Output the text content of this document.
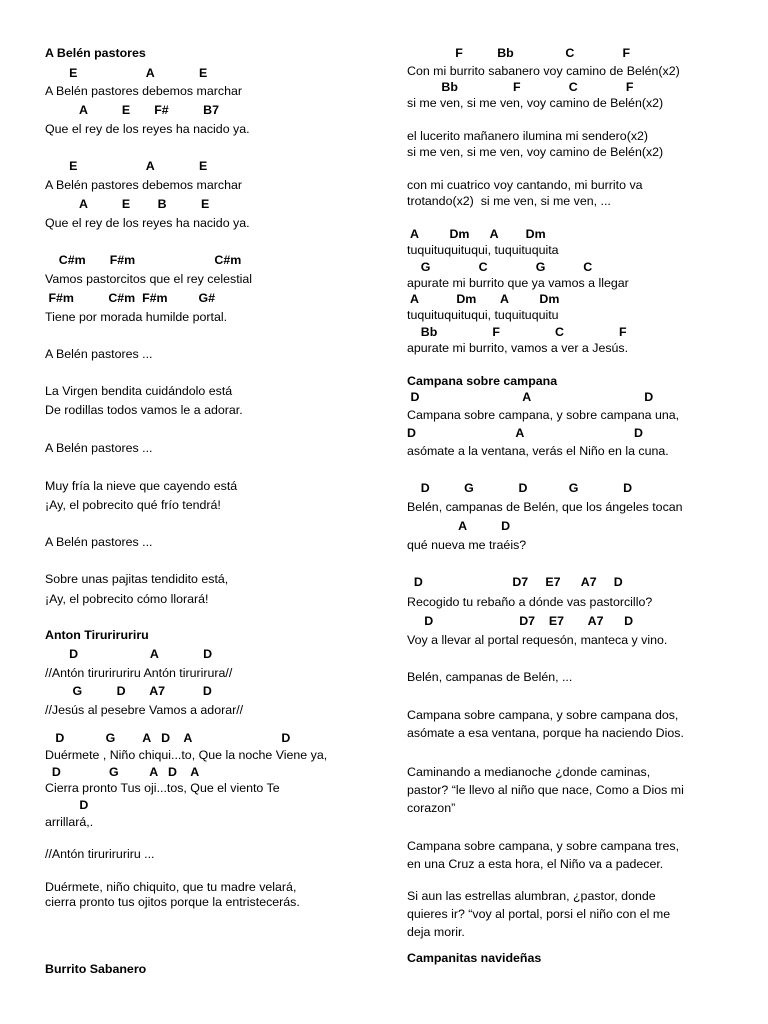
A Belén pastores
E                    A             E
A Belén pastores debemos marchar
A          E       F#          B7
Que el rey de los reyes ha nacido ya.
E                    A             E
A Belén pastores debemos marchar
A          E        B          E
Que el rey de los reyes ha nacido ya.
C#m       F#m                       C#m
Vamos pastorcitos que el rey celestial
F#m          C#m  F#m         G#
Tiene por morada humilde portal.
A Belén pastores ...
La Virgen bendita cuidándolo está
De rodillas todos vamos le a adorar.
A Belén pastores ...
Muy fría la nieve que cayendo está
¡Ay, el pobrecito qué frío tendrá!
A Belén pastores ...
Sobre unas pajitas tendidito está,
¡Ay, el pobrecito cómo llorará!
Anton Tiruriruriru
D                     A             D
//Antón tiruriruriru Antón tirurirura//
G          D       A7           D
//Jesús al pesebre Vamos a adorar//
D            G        A   D    A                          D
Duérmete , Niño chiqui...to, Que la noche Viene ya,
D              G         A   D    A
Cierra pronto Tus oji...tos, Que el viento Te
D
arrillará,.
//Antón tiruriruriru ...
Duérmete, niño chiquito, que tu madre velará,
cierra pronto tus ojitos porque la entristecerás.
Burrito Sabanero
F          Bb               C              F
Con mi burrito sabanero voy camino de Belén(x2)
Bb                F              C              F
si me ven, si me ven, voy camino de Belén(x2)
el lucerito mañanero ilumina mi sendero(x2)
si me ven, si me ven, voy camino de Belén(x2)
con mi cuatrico voy cantando, mi burrito va
trotando(x2)  si me ven, si me ven, ...
A         Dm      A        Dm
tuquituquituqui, tuquituquita
G              C              G           C
apurate mi burrito que ya vamos a llegar
A           Dm       A         Dm
tuquituquituqui, tuquituquitu
Bb                F                C                F
apurate mi burrito, vamos a ver a Jesús.
Campana sobre campana
D                              A                                 D
Campana sobre campana, y sobre campana una,
D                             A                                D
asómate a la ventana, verás el Niño en la cuna.
D          G             D            G             D
Belén, campanas de Belén, que los ángeles tocan
A          D
qué nueva me traéis?
D                          D7     E7      A7     D
Recogido tu rebaño a dónde vas pastorcillo?
D                         D7    E7       A7      D
Voy a llevar al portal requesón, manteca y vino.
Belén, campanas de Belén, ...
Campana sobre campana, y sobre campana dos,
asómate a esa ventana, porque ha naciendo Dios.
Caminando a medianoche ¿donde caminas,
pastor? “le llevo al niño que nace, Como a Dios mi
corazon”
Campana sobre campana, y sobre campana tres,
en una Cruz a esta hora, el Niño va a padecer.
Si aun las estrellas alumbran, ¿pastor, donde
quieres ir? “voy al portal, porsi el niño con el me
deja morir.
Campanitas navideñas
